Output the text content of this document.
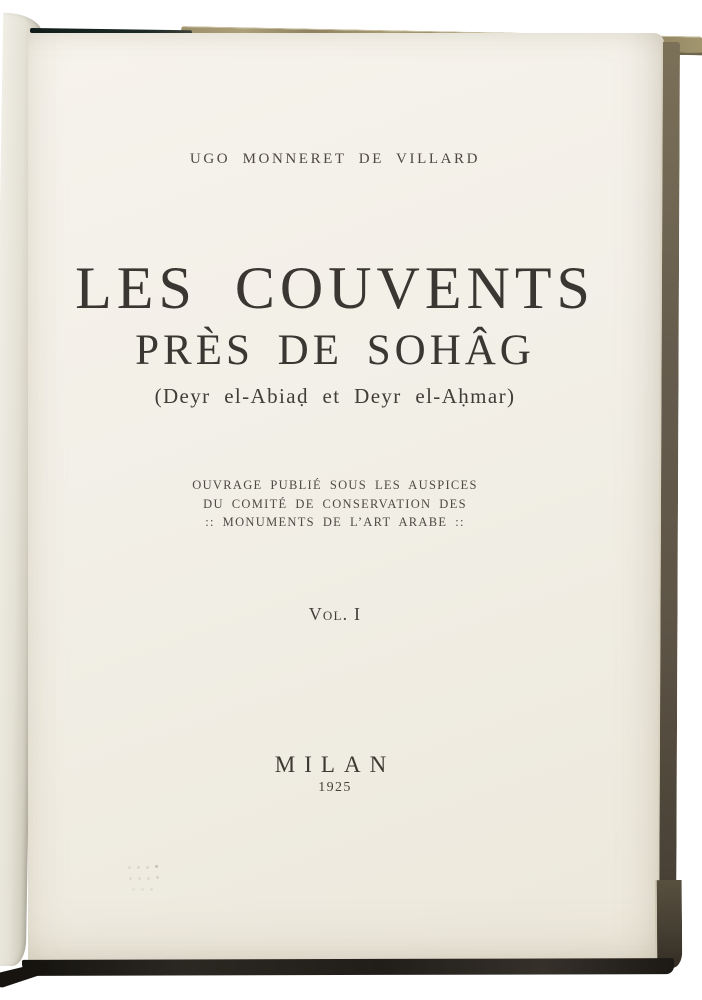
UGO MONNERET DE VILLARD
LES COUVENTS
PRÈS DE SOHÂG
(Deyr el-Abiaḍ et Deyr el-Aḥmar)
OUVRAGE PUBLIÉ SOUS LES AUSPICES
DU COMITÉ DE CONSERVATION DES
:: MONUMENTS DE L’ART ARABE ::
Vol. I
MILAN
1925
